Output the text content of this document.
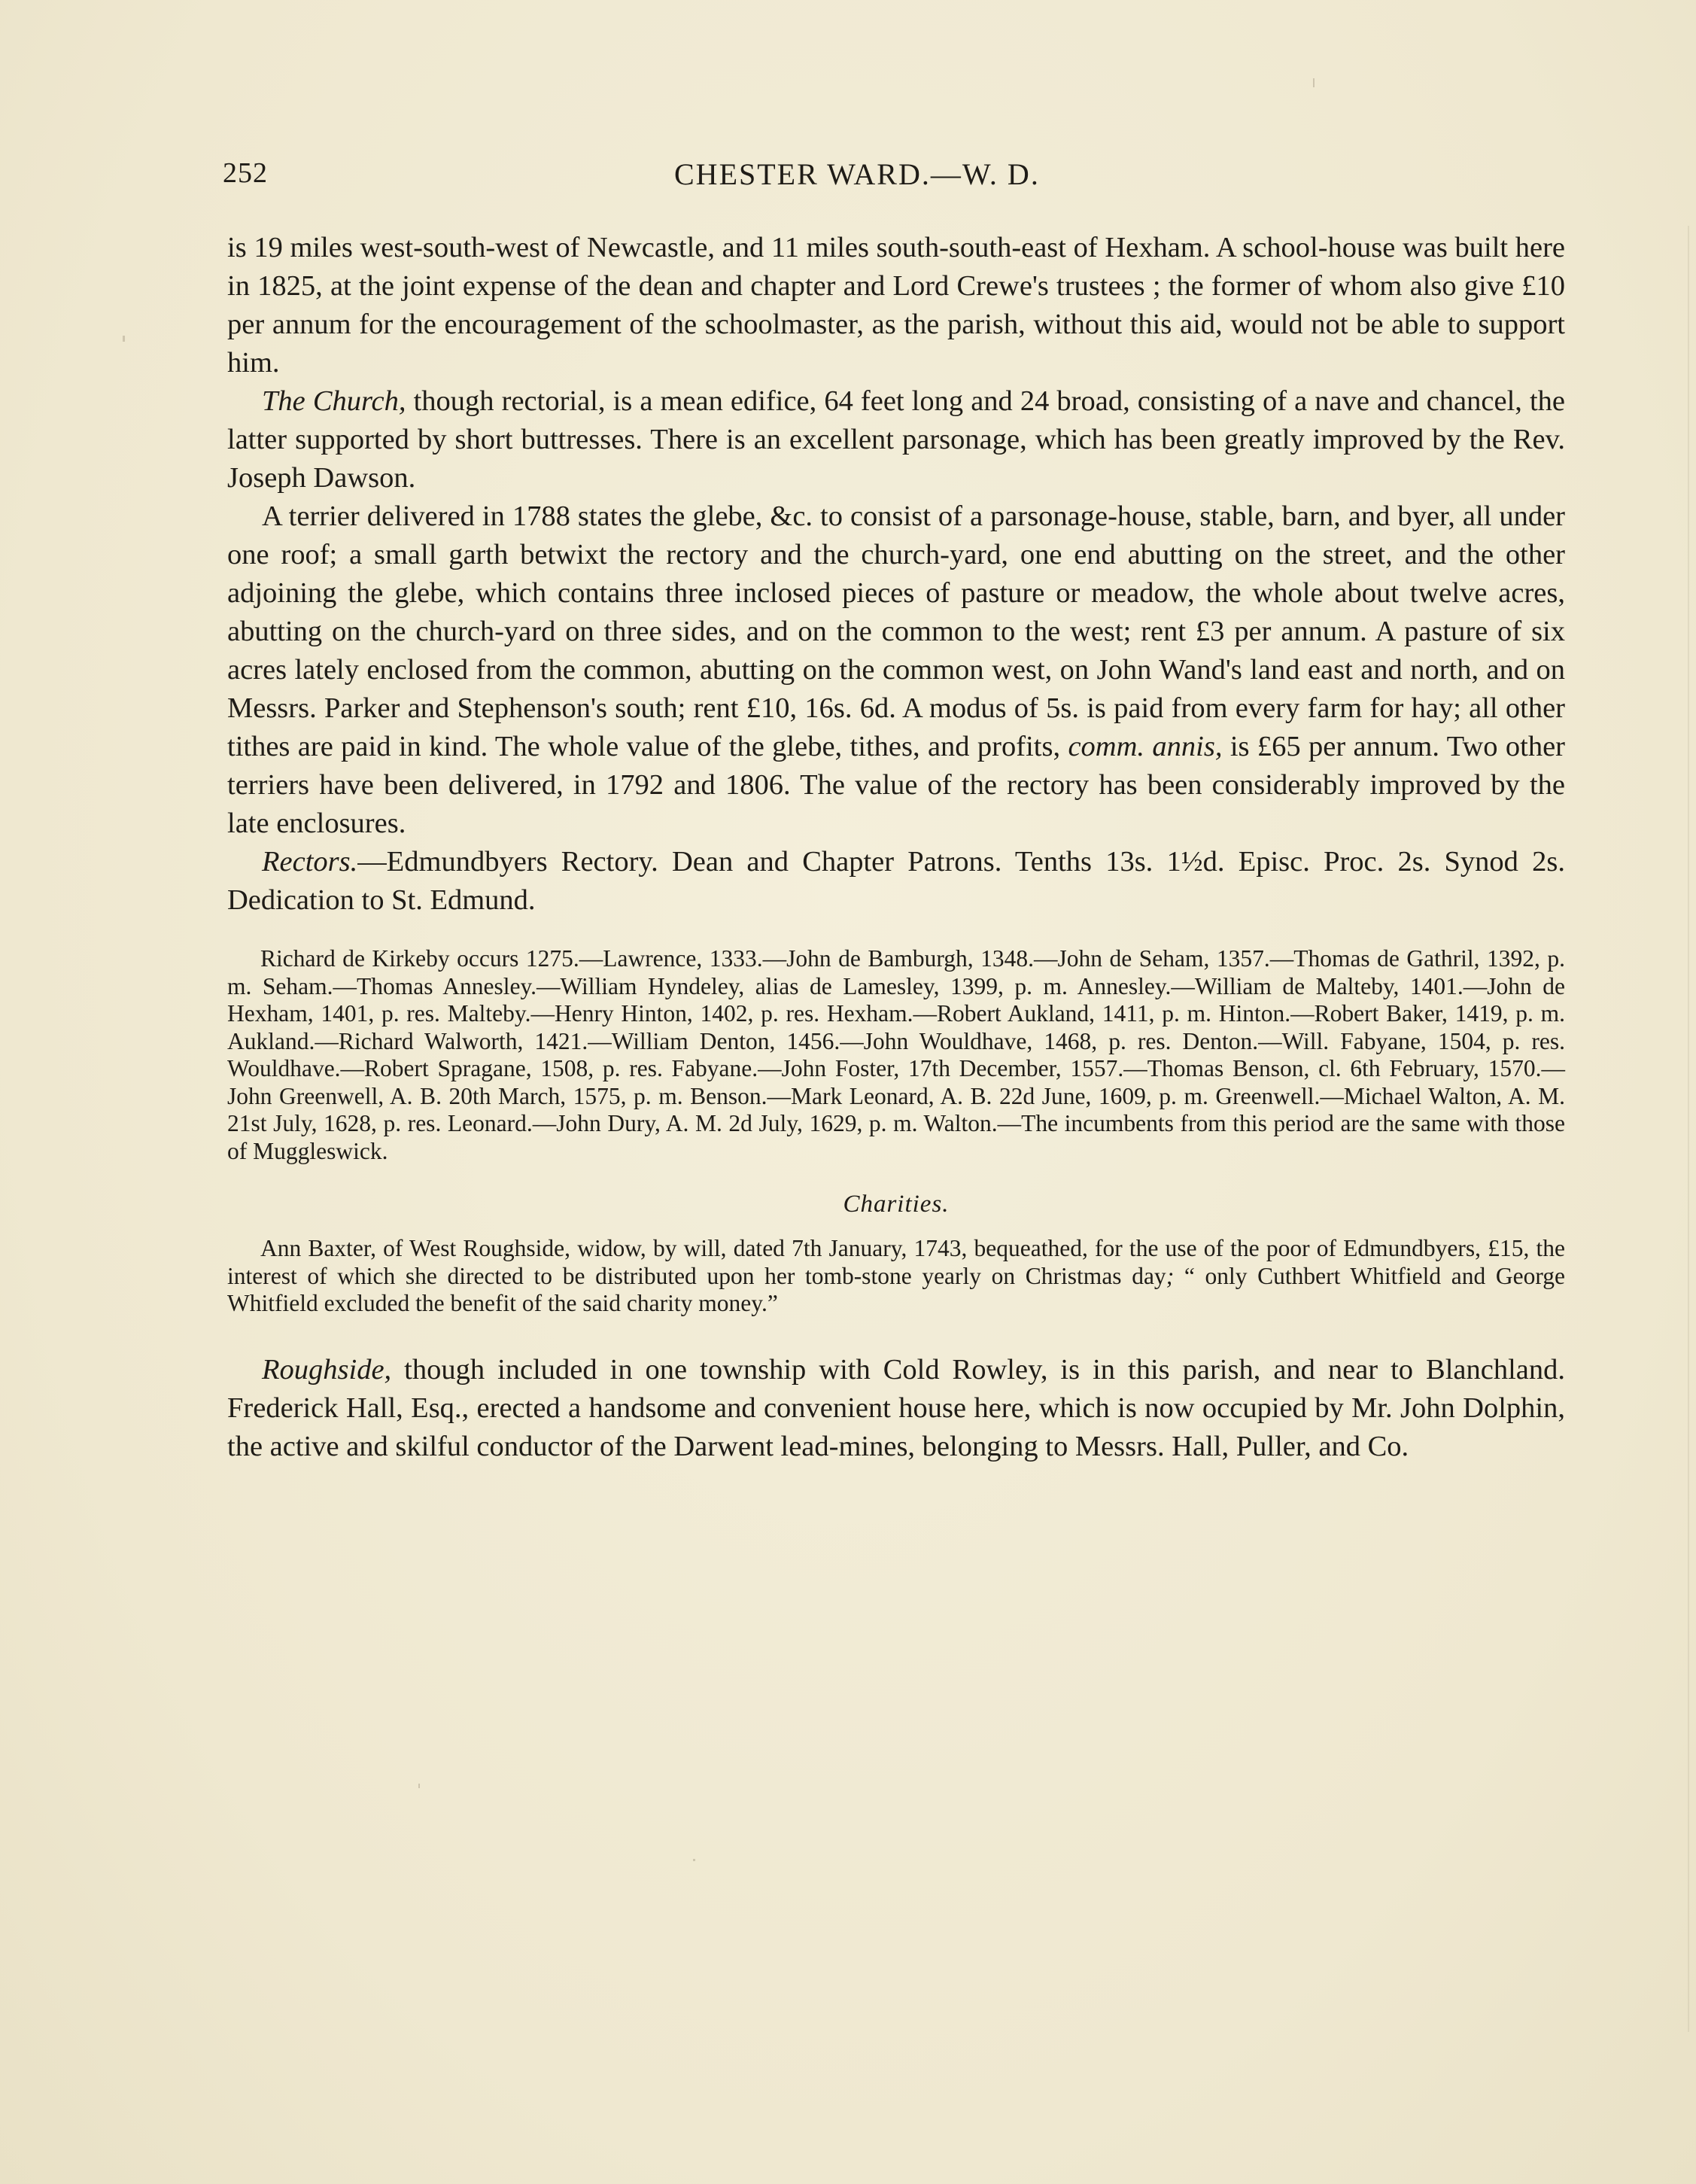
252	CHESTER WARD.—W. D.

is 19 miles west-south-west of Newcastle, and 11 miles south-south-east of Hexham. A school-house was built here in 1825, at the joint expense of the dean and chapter and Lord Crewe's trustees ; the former of whom also give £10 per annum for the encouragement of the schoolmaster, as the parish, without this aid, would not be able to support him.

The Church, though rectorial, is a mean edifice, 64 feet long and 24 broad, consisting of a nave and chancel, the latter supported by short buttresses. There is an excellent parsonage, which has been greatly improved by the Rev. Joseph Dawson.

A terrier delivered in 1788 states the glebe, &c. to consist of a parsonage-house, stable, barn, and byer, all under one roof; a small garth betwixt the rectory and the church-yard, one end abutting on the street, and the other adjoining the glebe, which contains three inclosed pieces of pasture or meadow, the whole about twelve acres, abutting on the church-yard on three sides, and on the common to the west; rent £3 per annum. A pasture of six acres lately enclosed from the common, abutting on the common west, on John Wand's land east and north, and on Messrs. Parker and Stephenson's south; rent £10, 16s. 6d. A modus of 5s. is paid from every farm for hay; all other tithes are paid in kind. The whole value of the glebe, tithes, and profits, comm. annis, is £65 per annum. Two other terriers have been delivered, in 1792 and 1806. The value of the rectory has been considerably improved by the late enclosures.

Rectors.—Edmundbyers Rectory. Dean and Chapter Patrons. Tenths 13s. 1½d. Episc. Proc. 2s. Synod 2s. Dedication to St. Edmund.

Richard de Kirkeby occurs 1275.—Lawrence, 1333.—John de Bamburgh, 1348.—John de Seham, 1357.—Thomas de Gathril, 1392, p. m. Seham.—Thomas Annesley.—William Hyndeley, alias de Lamesley, 1399, p. m. Annesley.—William de Malteby, 1401.—John de Hexham, 1401, p. res. Malteby.—Henry Hinton, 1402, p. res. Hexham.—Robert Aukland, 1411, p. m. Hinton.—Robert Baker, 1419, p. m. Aukland.—Richard Walworth, 1421.—William Denton, 1456.—John Wouldhave, 1468, p. res. Denton.—Will. Fabyane, 1504, p. res. Wouldhave.—Robert Spragane, 1508, p. res. Fabyane.—John Foster, 17th December, 1557.—Thomas Benson, cl. 6th February, 1570.—John Greenwell, A. B. 20th March, 1575, p. m. Benson.—Mark Leonard, A. B. 22d June, 1609, p. m. Greenwell.—Michael Walton, A. M. 21st July, 1628, p. res. Leonard.—John Dury, A. M. 2d July, 1629, p. m. Walton.—The incumbents from this period are the same with those of Muggleswick.

Charities.

Ann Baxter, of West Roughside, widow, by will, dated 7th January, 1743, bequeathed, for the use of the poor of Edmundbyers, £15, the interest of which she directed to be distributed upon her tomb-stone yearly on Christmas day; “ only Cuthbert Whitfield and George Whitfield excluded the benefit of the said charity money.”

Roughside, though included in one township with Cold Rowley, is in this parish, and near to Blanchland. Frederick Hall, Esq., erected a handsome and convenient house here, which is now occupied by Mr. John Dolphin, the active and skilful conductor of the Darwent lead-mines, belonging to Messrs. Hall, Puller, and Co.
